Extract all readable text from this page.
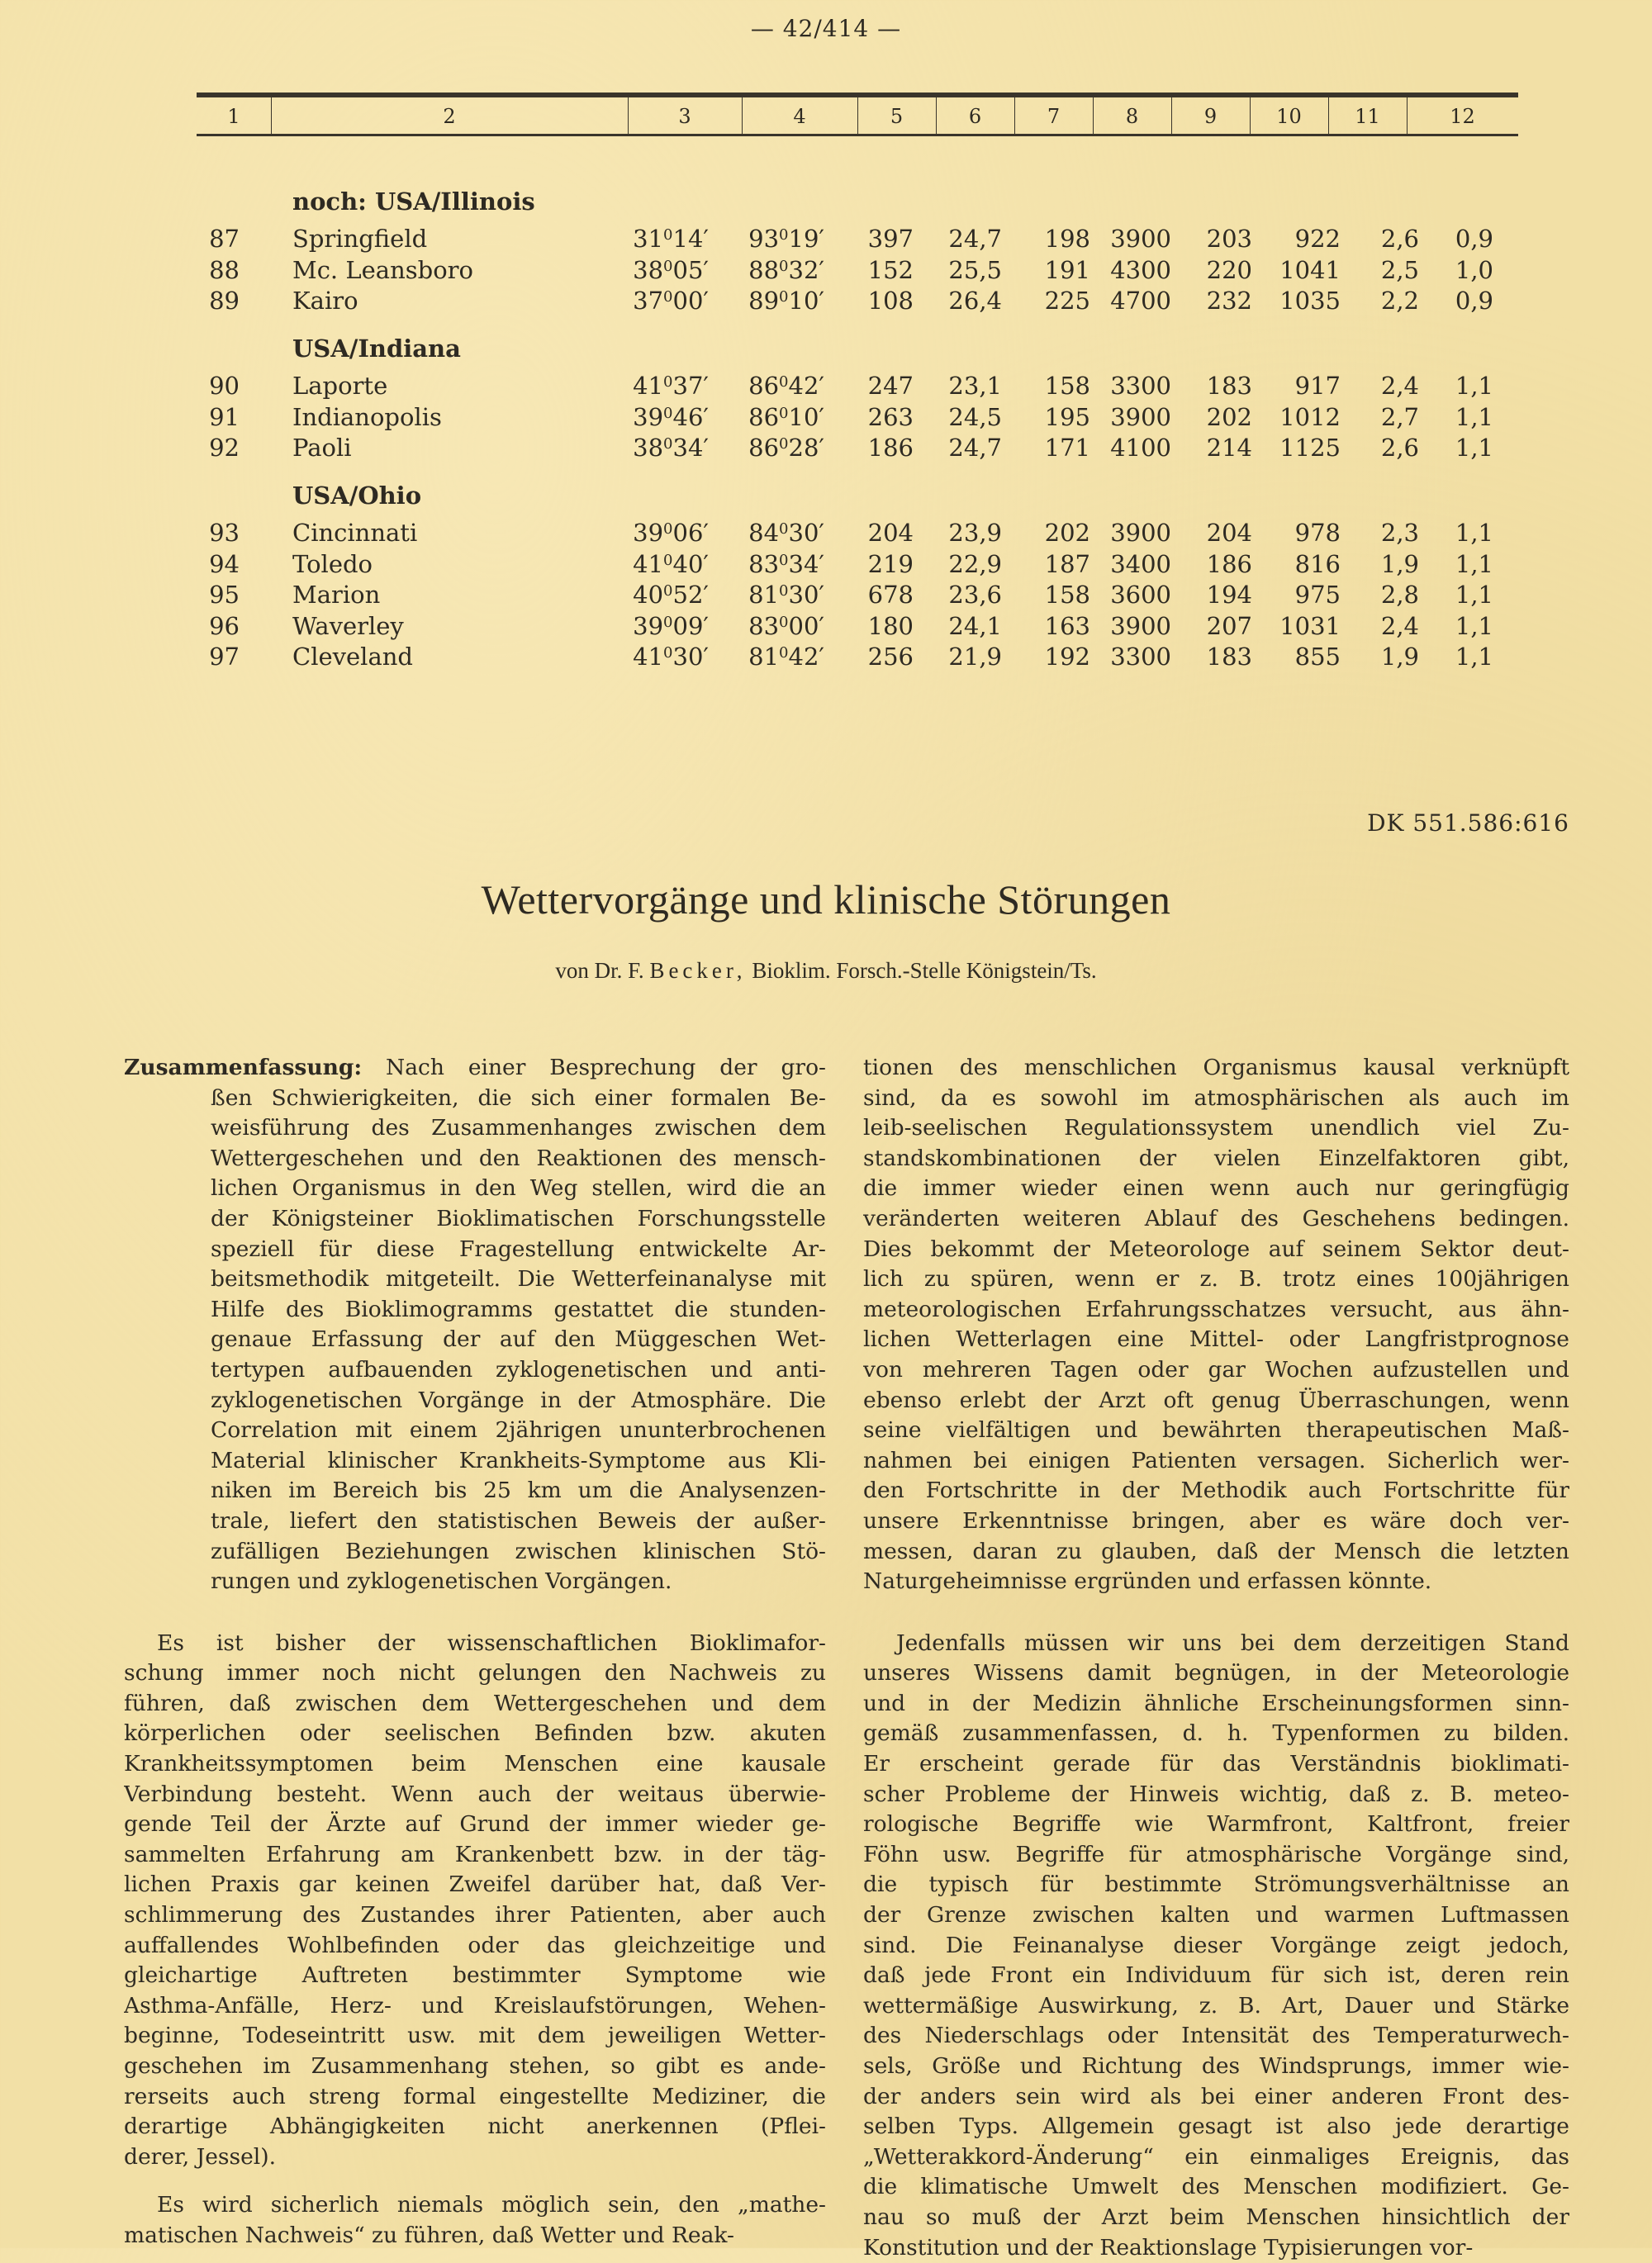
— 42/414 —
1	2	3	4	5	6	7	8	9	10	11	12
noch: USA/Illinois
87 Springfield	$31^014'$ $93^019'$ 397 24,7 198 3900 203 922 2,6 0,9
88 Mc. Leansboro	$38^005'$ $88^032'$ 152 25,5 191 4300 220 1041 2,5 1,0
89 Kairo	$37^000'$ $89^010'$ 108 26,4 225 4700 232 1035 2,2 0,9
USA/Indiana
90 Laporte	$41^037'$ $86^042'$ 247 23,1 158 3300 183 917 2,4 1,1
91 Indianopolis	$39^046'$ $86^010'$ 263 24,5 195 3900 202 1012 2,7 1,1
92 Paoli	$38^034'$ $86^028'$ 186 24,7 171 4100 214 1125 2,6 1,1
USA/Ohio
93 Cincinnati	$39^006'$ $84^030'$ 204 23,9 202 3900 204 978 2,3 1,1
94 Toledo	$41^040'$ $83^034'$ 219 22,9 187 3400 186 816 1,9 1,1
95 Marion	$40^052'$ $81^030'$ 678 23,6 158 3600 194 975 2,8 1,1
96 Waverley	$39^009'$ $83^000'$ 180 24,1 163 3900 207 1031 2,4 1,1
97 Cleveland	$41^030'$ $81^042'$ 256 21,9 192 3300 183 855 1,9 1,1
DK 551.586:616
Wettervorgänge und klinische Störungen
von Dr. F. Becker, Bioklim. Forsch.-Stelle Königstein/Ts.
Zusammenfassung: Nach einer Besprechung der gro-
ßen Schwierigkeiten, die sich einer formalen Be-
weisführung des Zusammenhanges zwischen dem
Wettergeschehen und den Reaktionen des mensch-
lichen Organismus in den Weg stellen, wird die an
der Königsteiner Bioklimatischen Forschungsstelle
speziell für diese Fragestellung entwickelte Ar-
beitsmethodik mitgeteilt. Die Wetterfeinanalyse mit
Hilfe des Bioklimogramms gestattet die stunden-
genaue Erfassung der auf den Müggeschen Wet-
tertypen aufbauenden zyklogenetischen und anti-
zyklogenetischen Vorgänge in der Atmosphäre. Die
Correlation mit einem 2jährigen ununterbrochenen
Material klinischer Krankheits-Symptome aus Kli-
niken im Bereich bis 25 km um die Analysenzen-
trale, liefert den statistischen Beweis der außer-
zufälligen Beziehungen zwischen klinischen Stö-
rungen und zyklogenetischen Vorgängen.
Es ist bisher der wissenschaftlichen Bioklimafor-
schung immer noch nicht gelungen den Nachweis zu
führen, daß zwischen dem Wettergeschehen und dem
körperlichen oder seelischen Befinden bzw. akuten
Krankheitssymptomen beim Menschen eine kausale
Verbindung besteht. Wenn auch der weitaus überwie-
gende Teil der Ärzte auf Grund der immer wieder ge-
sammelten Erfahrung am Krankenbett bzw. in der täg-
lichen Praxis gar keinen Zweifel darüber hat, daß Ver-
schlimmerung des Zustandes ihrer Patienten, aber auch
auffallendes Wohlbefinden oder das gleichzeitige und
gleichartige Auftreten bestimmter Symptome wie
Asthma-Anfälle, Herz- und Kreislaufstörungen, Wehen-
beginne, Todeseintritt usw. mit dem jeweiligen Wetter-
geschehen im Zusammenhang stehen, so gibt es ande-
rerseits auch streng formal eingestellte Mediziner, die
derartige Abhängigkeiten nicht anerkennen (Pflei-
derer, Jessel).
Es wird sicherlich niemals möglich sein, den „mathe-
matischen Nachweis“ zu führen, daß Wetter und Reak-
tionen des menschlichen Organismus kausal verknüpft
sind, da es sowohl im atmosphärischen als auch im
leib-seelischen Regulationssystem unendlich viel Zu-
standskombinationen der vielen Einzelfaktoren gibt,
die immer wieder einen wenn auch nur geringfügig
veränderten weiteren Ablauf des Geschehens bedingen.
Dies bekommt der Meteorologe auf seinem Sektor deut-
lich zu spüren, wenn er z. B. trotz eines 100jährigen
meteorologischen Erfahrungsschatzes versucht, aus ähn-
lichen Wetterlagen eine Mittel- oder Langfristprognose
von mehreren Tagen oder gar Wochen aufzustellen und
ebenso erlebt der Arzt oft genug Überraschungen, wenn
seine vielfältigen und bewährten therapeutischen Maß-
nahmen bei einigen Patienten versagen. Sicherlich wer-
den Fortschritte in der Methodik auch Fortschritte für
unsere Erkenntnisse bringen, aber es wäre doch ver-
messen, daran zu glauben, daß der Mensch die letzten
Naturgeheimnisse ergründen und erfassen könnte.
Jedenfalls müssen wir uns bei dem derzeitigen Stand
unseres Wissens damit begnügen, in der Meteorologie
und in der Medizin ähnliche Erscheinungsformen sinn-
gemäß zusammenfassen, d. h. Typenformen zu bilden.
Er erscheint gerade für das Verständnis bioklimati-
scher Probleme der Hinweis wichtig, daß z. B. meteo-
rologische Begriffe wie Warmfront, Kaltfront, freier
Föhn usw. Begriffe für atmosphärische Vorgänge sind,
die typisch für bestimmte Strömungsverhältnisse an
der Grenze zwischen kalten und warmen Luftmassen
sind. Die Feinanalyse dieser Vorgänge zeigt jedoch,
daß jede Front ein Individuum für sich ist, deren rein
wettermäßige Auswirkung, z. B. Art, Dauer und Stärke
des Niederschlags oder Intensität des Temperaturwech-
sels, Größe und Richtung des Windsprungs, immer wie-
der anders sein wird als bei einer anderen Front des-
selben Typs. Allgemein gesagt ist also jede derartige
„Wetterakkord-Änderung“ ein einmaliges Ereignis, das
die klimatische Umwelt des Menschen modifiziert. Ge-
nau so muß der Arzt beim Menschen hinsichtlich der
Konstitution und der Reaktionslage Typisierungen vor-
